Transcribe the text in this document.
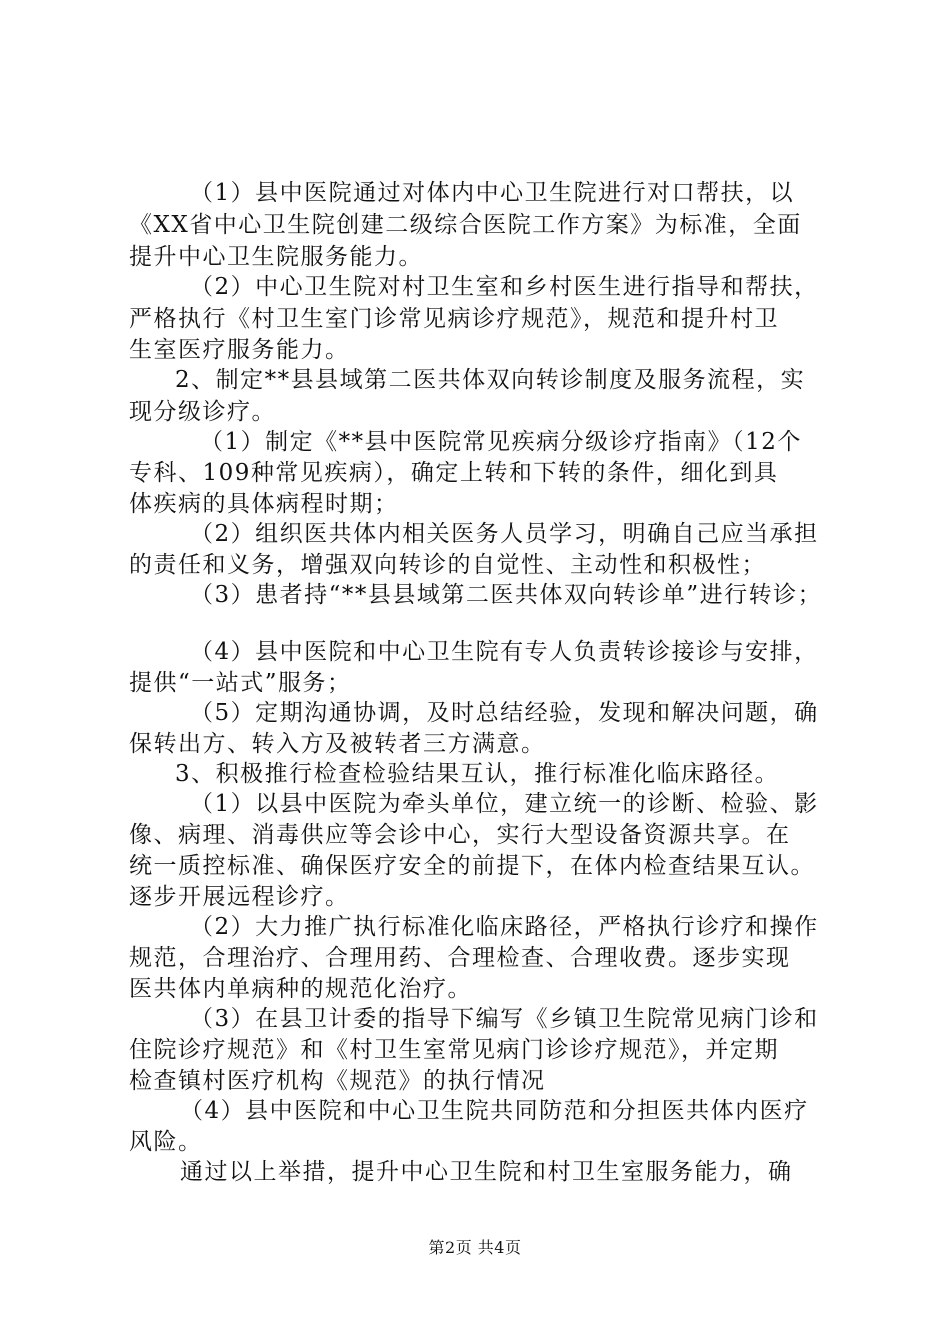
（1）县中医院通过对体内中心卫生院进行对口帮扶，以
《XX省中心卫生院创建二级综合医院工作方案》为标准，全面
提升中心卫生院服务能力。
（2）中心卫生院对村卫生室和乡村医生进行指导和帮扶，
严格执行《村卫生室门诊常见病诊疗规范》，规范和提升村卫
生室医疗服务能力。
2、制定**县县域第二医共体双向转诊制度及服务流程，实
现分级诊疗。
（1）制定《**县中医院常见疾病分级诊疗指南》（12个
专科、109种常见疾病），确定上转和下转的条件，细化到具
体疾病的具体病程时期；
（2）组织医共体内相关医务人员学习，明确自己应当承担
的责任和义务，增强双向转诊的自觉性、主动性和积极性；
（3）患者持“**县县域第二医共体双向转诊单”进行转诊；
（4）县中医院和中心卫生院有专人负责转诊接诊与安排，
提供“一站式”服务；
（5）定期沟通协调，及时总结经验，发现和解决问题，确
保转出方、转入方及被转者三方满意。
3、积极推行检查检验结果互认，推行标准化临床路径。
（1）以县中医院为牵头单位，建立统一的诊断、检验、影
像、病理、消毒供应等会诊中心，实行大型设备资源共享。在
统一质控标准、确保医疗安全的前提下，在体内检查结果互认。
逐步开展远程诊疗。
（2）大力推广执行标准化临床路径，严格执行诊疗和操作
规范，合理治疗、合理用药、合理检查、合理收费。逐步实现
医共体内单病种的规范化治疗。
（3）在县卫计委的指导下编写《乡镇卫生院常见病门诊和
住院诊疗规范》和《村卫生室常见病门诊诊疗规范》，并定期
检查镇村医疗机构《规范》的执行情况
（4）县中医院和中心卫生院共同防范和分担医共体内医疗
风险。
通过以上举措，提升中心卫生院和村卫生室服务能力，确
第2页 共4页
